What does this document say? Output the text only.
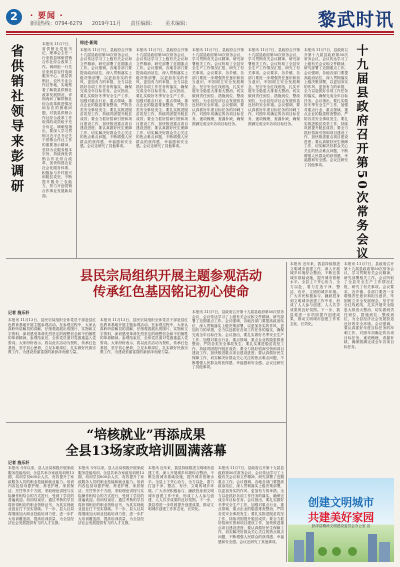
2	· 要闻 ·
新闻热线：0794-6279 2019年11月 责任编辑： 美术编辑：	黎武时讯
本报讯 11月7日，省供销社党组书记、理事会主任一行来我县调研供销合作社综合改革工作。调研组一行先后来到县农村电商服务中心、基层供销社、农民专业合作社等地，实地察看了解我县供销社改革发展情况，详细询问了解供销社综合改革推进情况和存在的困难问题，对我县供销合作社综合改革工作取得的成效给予充分肯定。调研组指出，要深入学习贯彻习近平总书记关于供销合作社工作的重要指示精神，坚持为农服务根本宗旨，持续深化供销合作社综合改革，加快构建农业社会化服务体系，积极参与乡村振兴和脱贫攻坚，不断提升服务三农能力，努力开创供销合作事业发展新局面。
省供销社领导来彭调研
综述·新闻
本报讯 11月7日，县政府召开第十九届县政府第50次常务会议，会议传达学习了上级有关会议和文件精神，研究部署了近期重点工作。会议强调，各地各部门要提高政治站位，深入贯彻落实上级决策部署，以更加务实的作风、更加有力的举措，全力以赴抓好各项工作任务的落实，确保完成全年目标任务。会议指出，要扎实做好冬季安全生产工作，加强对重点行业、重点领域、重点企业的隐患排查整治，严防各类安全事故发生；要扎实推进脱贫攻坚工作，持续巩固提升脱贫成效；要全力抓好招商引资和项目建设工作，加快推进重点项目建设进度；要认真做好民生保障工作，切实解决好群众关心关注的热点难点问题，不断增强人民群众的获得感、幸福感和安全感。会议还研究了其他事项。
本报讯 11月7日，县政府召开第十九届县政府第50次常务会议，会议传达学习了上级有关会议和文件精神，研究部署了近期重点工作。会议强调，各地各部门要提高政治站位，深入贯彻落实上级决策部署，以更加务实的作风、更加有力的举措，全力以赴抓好各项工作任务的落实，确保完成全年目标任务。会议指出，要扎实做好冬季安全生产工作，加强对重点行业、重点领域、重点企业的隐患排查整治，严防各类安全事故发生；要扎实推进脱贫攻坚工作，持续巩固提升脱贫成效；要全力抓好招商引资和项目建设工作，加快推进重点项目建设进度；要认真做好民生保障工作，切实解决好群众关心关注的热点难点问题，不断增强人民群众的获得感、幸福感和安全感。会议还研究了其他事项。
本报讯 11月7日，县政府召开第十九届县政府第50次常务会议，学习贯彻有关会议精神，研究部署相关工作。会议听取了全县安全生产工作情况汇报，研究了有关事项。会议要求，各乡镇、各部门要进一步增强责任意识和担当意识，牢固树立安全发展理念，坚守安全红线底线，扎实开展安全隐患大排查大整治，切实做到责任到位、措施到位、整改到位，为全县经济社会发展营造良好的安全环境。会议强调，要认真抓好年度目标任务的冲刺工作，对照年初确定的各项目标任务，逐项梳理，查漏补缺，确保圆满完成全年各项目标任务。
本报讯 11月7日，县政府召开第十九届县政府第50次常务会议，学习贯彻有关会议精神，研究部署相关工作。会议听取了全县安全生产工作情况汇报，研究了有关事项。会议要求，各乡镇、各部门要进一步增强责任意识和担当意识，牢固树立安全发展理念，坚守安全红线底线，扎实开展安全隐患大排查大整治，切实做到责任到位、措施到位、整改到位，为全县经济社会发展营造良好的安全环境。会议强调，要认真抓好年度目标任务的冲刺工作，对照年初确定的各项目标任务，逐项梳理，查漏补缺，确保圆满完成全年各项目标任务。
本报讯 11月7日，县政府召开第十九届县政府第50次常务会议，会议传达学习了上级有关会议和文件精神，研究部署了近期重点工作。会议强调，各地各部门要提高政治站位，深入贯彻落实上级决策部署，以更加务实的作风、更加有力的举措，全力以赴抓好各项工作任务的落实，确保完成全年目标任务。会议指出，要扎实做好冬季安全生产工作，加强对重点行业、重点领域、重点企业的隐患排查整治，严防各类安全事故发生；要扎实推进脱贫攻坚工作，持续巩固提升脱贫成效；要全力抓好招商引资和项目建设工作，加快推进重点项目建设进度；要认真做好民生保障工作，切实解决好群众关心关注的热点难点问题，不断增强人民群众的获得感、幸福感和安全感。会议还研究了其他事项。	十九届县政府召开第50次常务会议
县民宗局组织开展主题参观活动
传承红色基因铭记初心使命
记者 施乐轩
本报讯 11月13日，县民宗局组织全体党员干部赴县红色教育基地开展主题参观活动。在参观过程中，大家认真聆听讲解员的讲解，仔细观看展出的图片、实物和文字资料，深切感受革命先烈坚定的理想信念和不怕牺牲的革命精神。参观结束后，全体党员面对党旗重温入党誓词。大家纷纷表示，将以此次活动为契机，传承红色基因，坚守初心使命，立足本职岗位，扎实做好民族宗教工作，为建设美丽富饶的新彭泽贡献力量。
本报讯 11月13日，县民宗局组织全体党员干部赴县红色教育基地开展主题参观活动。在参观过程中，大家认真聆听讲解员的讲解，仔细观看展出的图片、实物和文字资料，深切感受革命先烈坚定的理想信念和不怕牺牲的革命精神。参观结束后，全体党员面对党旗重温入党誓词。大家纷纷表示，将以此次活动为契机，传承红色基因，坚守初心使命，立足本职岗位，扎实做好民族宗教工作，为建设美丽富饶的新彭泽贡献力量。
本报讯 11月7日，县政府召开第十九届县政府第50次常务会议，会议传达学习了上级有关会议和文件精神，研究部署了近期重点工作。会议强调，各地各部门要提高政治站位，深入贯彻落实上级决策部署，以更加务实的作风、更加有力的举措，全力以赴抓好各项工作任务的落实，确保完成全年目标任务。会议指出，要扎实做好冬季安全生产工作，加强对重点行业、重点领域、重点企业的隐患排查整治，严防各类安全事故发生；要扎实推进脱贫攻坚工作，持续巩固提升脱贫成效；要全力抓好招商引资和项目建设工作，加快推进重点项目建设进度；要认真做好民生保障工作，切实解决好群众关心关注的热点难点问题，不断增强人民群众的获得感、幸福感和安全感。会议还研究了其他事项。
本报讯 近年来，我县持续推进文明城市创建工作，深入开展城乡环境综合整治，不断完善城市基础设施，提升城市管理水平。全县上下齐心协力，全力以赴，着力打造干净、整洁、有序、文明的城乡环境。广大市民积极参与，踊跃投身到文明城市创建工作中来，形成了人人参与创建、人人共享成果的良好氛围。下一步，我县将进一步巩固提升创建成果，推动文明城市创建工作常态化、长效化。
本报讯 11月7日，县政府召开第十九届县政府第50次常务会议，学习贯彻有关会议精神，研究部署相关工作。会议听取了全县安全生产工作情况汇报，研究了有关事项。会议要求，各乡镇、各部门要进一步增强责任意识和担当意识，牢固树立安全发展理念，坚守安全红线底线，扎实开展安全隐患大排查大整治，切实做到责任到位、措施到位、整改到位，为全县经济社会发展营造良好的安全环境。会议强调，要认真抓好年度目标任务的冲刺工作，对照年初确定的各项目标任务，逐项梳理，查漏补缺，确保圆满完成全年各项目标任务。
“培核就业”再添成果
全县13场家政培训圆满落幕
本报讯 今年以来，县人社局积极开展家政服务技能培训，全县共举办家政培训班13期，培训学员600余人次，有效提升了家政服务人员的职业技能和就业能力。培训内容包括母婴护理、养老护理、家居保洁、烹饪等多个方面，采取理论讲授与实际操作相结合的方式进行，受到了学员的普遍欢迎。培训结束后，通过考核的学员将获得相应的职业资格证书，为其实现就业创业打下坚实基础。下一步，县人社局将继续加大职业技能培训力度，进一步扩大培训覆盖面，提高培训质量，为全县经济社会发展提供有力的人才支撑。
本报讯 今年以来，县人社局积极开展家政服务技能培训，全县共举办家政培训班13期，培训学员600余人次，有效提升了家政服务人员的职业技能和就业能力。培训内容包括母婴护理、养老护理、家居保洁、烹饪等多个方面，采取理论讲授与实际操作相结合的方式进行，受到了学员的普遍欢迎。培训结束后，通过考核的学员将获得相应的职业资格证书，为其实现就业创业打下坚实基础。下一步，县人社局将继续加大职业技能培训力度，进一步扩大培训覆盖面，提高培训质量，为全县经济社会发展提供有力的人才支撑。
本报讯 近年来，我县持续推进文明城市创建工作，深入开展城乡环境综合整治，不断完善城市基础设施，提升城市管理水平。全县上下齐心协力，全力以赴，着力打造干净、整洁、有序、文明的城乡环境。广大市民积极参与，踊跃投身到文明城市创建工作中来，形成了人人参与创建、人人共享成果的良好氛围。下一步，我县将进一步巩固提升创建成果，推动文明城市创建工作常态化、长效化。
本报讯 11月7日，县政府召开第十九届县政府第50次常务会议，会议传达学习了上级有关会议和文件精神，研究部署了近期重点工作。会议强调，各地各部门要提高政治站位，深入贯彻落实上级决策部署，以更加务实的作风、更加有力的举措，全力以赴抓好各项工作任务的落实，确保完成全年目标任务。会议指出，要扎实做好冬季安全生产工作，加强对重点行业、重点领域、重点企业的隐患排查整治，严防各类安全事故发生；要扎实推进脱贫攻坚工作，持续巩固提升脱贫成效；要全力抓好招商引资和项目建设工作，加快推进重点项目建设进度；要认真做好民生保障工作，切实解决好群众关心关注的热点难点问题，不断增强人民群众的获得感、幸福感和安全感。会议还研究了其他事项。
记者 施乐轩
创建文明城市
共建美好家园
彭泽县精神文明建设委员会办公室 宣
